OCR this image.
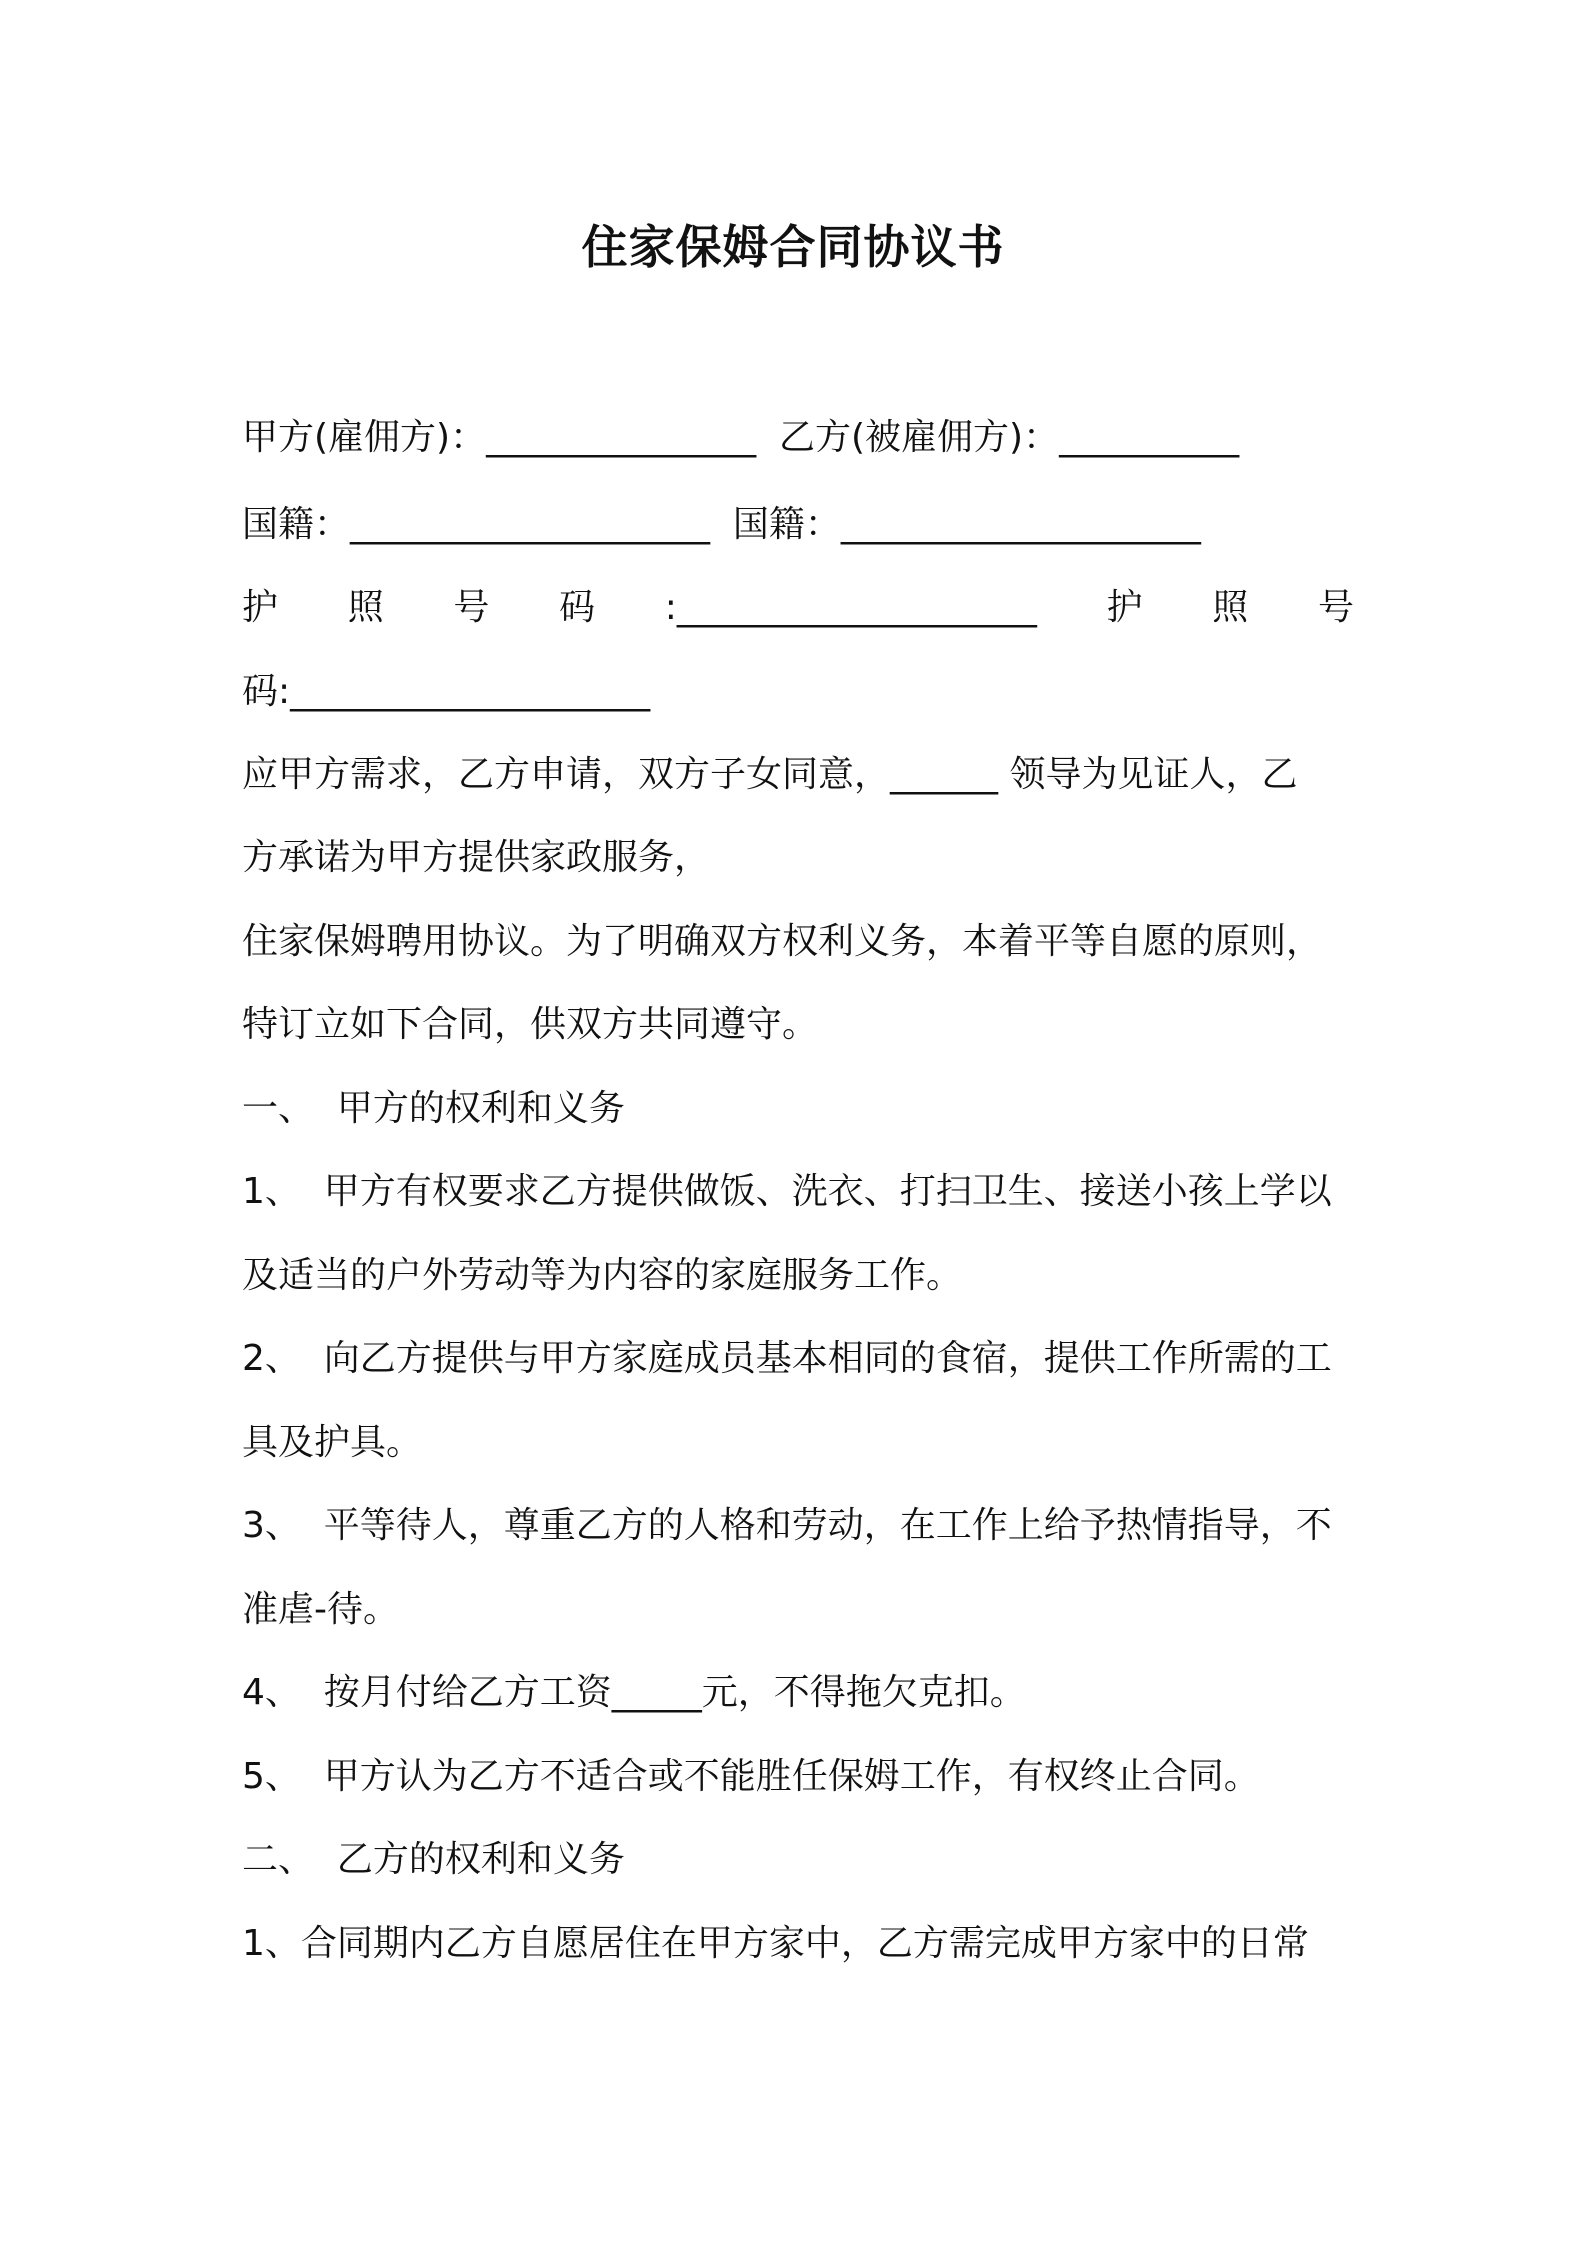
住家保姆合同协议书
甲方(雇佣方)：_______________  乙方(被雇佣方)：__________
国籍：____________________  国籍：____________________
护 照 号 码 :____________________ 护 照 号
码:____________________
应甲方需求，乙方申请，双方子女同意，______ 领导为见证人，乙
方承诺为甲方提供家政服务，
住家保姆聘用协议。为了明确双方权利义务，本着平等自愿的原则，
特订立如下合同，供双方共同遵守。
一、  甲方的权利和义务
1、  甲方有权要求乙方提供做饭、洗衣、打扫卫生、接送小孩上学以
及适当的户外劳动等为内容的家庭服务工作。
2、  向乙方提供与甲方家庭成员基本相同的食宿，提供工作所需的工
具及护具。
3、  平等待人，尊重乙方的人格和劳动，在工作上给予热情指导，不
准虐-待。
4、  按月付给乙方工资_____元，不得拖欠克扣。
5、  甲方认为乙方不适合或不能胜任保姆工作，有权终止合同。
二、  乙方的权利和义务
1、合同期内乙方自愿居住在甲方家中，乙方需完成甲方家中的日常
